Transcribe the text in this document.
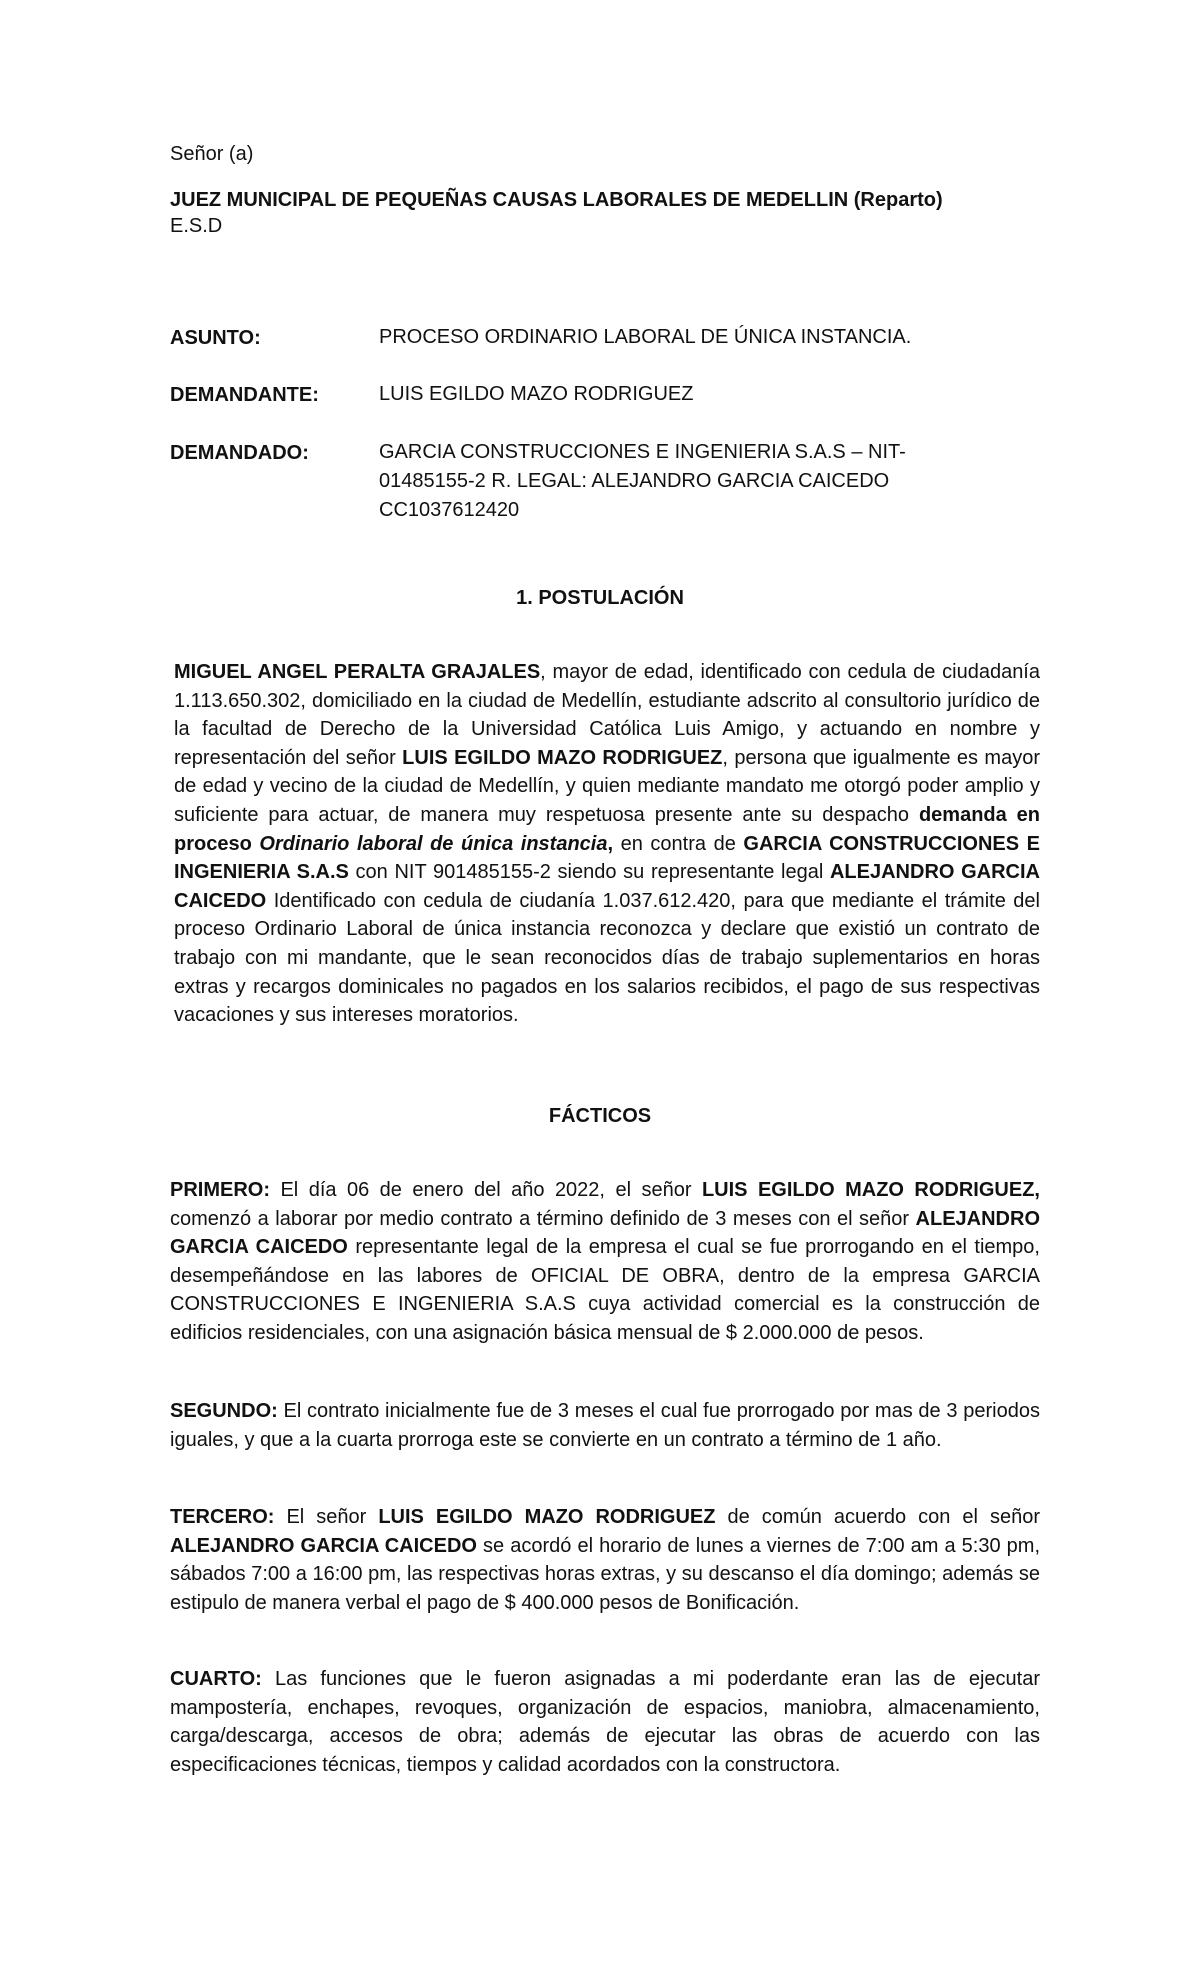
Señor (a)
JUEZ MUNICIPAL DE PEQUEÑAS CAUSAS LABORALES DE MEDELLIN (Reparto)
E.S.D
ASUNTO:	PROCESO ORDINARIO LABORAL DE ÚNICA INSTANCIA.
DEMANDANTE:	LUIS EGILDO MAZO RODRIGUEZ
DEMANDADO:	GARCIA CONSTRUCCIONES E INGENIERIA S.A.S – NIT-
01485155-2 R. LEGAL: ALEJANDRO GARCIA CAICEDO
CC1037612420
1. POSTULACIÓN
MIGUEL ANGEL PERALTA GRAJALES, mayor de edad, identificado con cedula de ciudadanía 1.113.650.302, domiciliado en la ciudad de Medellín, estudiante adscrito al consultorio jurídico de la facultad de Derecho de la Universidad Católica Luis Amigo, y actuando en nombre y representación del señor LUIS EGILDO MAZO RODRIGUEZ, persona que igualmente es mayor de edad y vecino de la ciudad de Medellín, y quien mediante mandato me otorgó poder amplio y suficiente para actuar, de manera muy respetuosa presente ante su despacho demanda en proceso Ordinario laboral de única instancia, en contra de GARCIA CONSTRUCCIONES E INGENIERIA S.A.S con NIT 901485155-2 siendo su representante legal ALEJANDRO GARCIA CAICEDO Identificado con cedula de ciudanía 1.037.612.420, para que mediante el trámite del proceso Ordinario Laboral de única instancia reconozca y declare que existió un contrato de trabajo con mi mandante, que le sean reconocidos días de trabajo suplementarios en horas extras y recargos dominicales no pagados en los salarios recibidos, el pago de sus respectivas vacaciones y sus intereses moratorios.
FÁCTICOS
PRIMERO: El día 06 de enero del año 2022, el señor LUIS EGILDO MAZO RODRIGUEZ, comenzó a laborar por medio contrato a término definido de 3 meses con el señor ALEJANDRO GARCIA CAICEDO representante legal de la empresa el cual se fue prorrogando en el tiempo, desempeñándose en las labores de OFICIAL DE OBRA, dentro de la empresa GARCIA CONSTRUCCIONES E INGENIERIA S.A.S cuya actividad comercial es la construcción de edificios residenciales, con una asignación básica mensual de $ 2.000.000 de pesos.
SEGUNDO: El contrato inicialmente fue de 3 meses el cual fue prorrogado por mas de 3 periodos iguales, y que a la cuarta prorroga este se convierte en un contrato a término de 1 año.
TERCERO: El señor LUIS EGILDO MAZO RODRIGUEZ de común acuerdo con el señor ALEJANDRO GARCIA CAICEDO se acordó el horario de lunes a viernes de 7:00 am a 5:30 pm, sábados 7:00 a 16:00 pm, las respectivas horas extras, y su descanso el día domingo; además se estipulo de manera verbal el pago de $ 400.000 pesos de Bonificación.
CUARTO: Las funciones que le fueron asignadas a mi poderdante eran las de ejecutar mampostería, enchapes, revoques, organización de espacios, maniobra, almacenamiento, carga/descarga, accesos de obra; además de ejecutar las obras de acuerdo con las especificaciones técnicas, tiempos y calidad acordados con la constructora.
